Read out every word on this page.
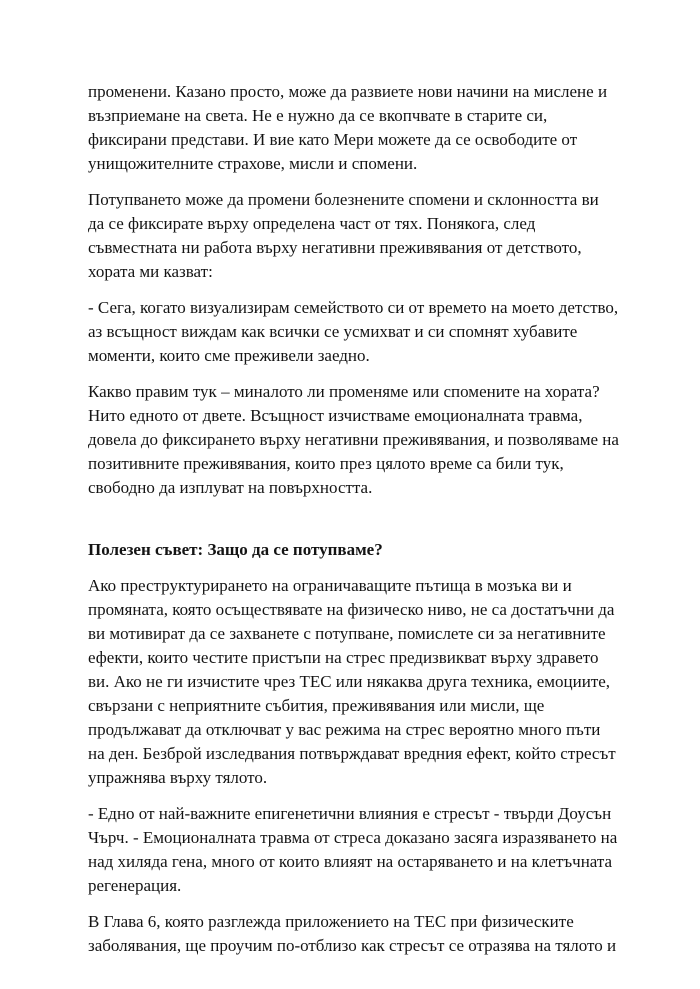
променени. Казано просто, може да развиете нови начини на мислене и
възприемане на света. Не е нужно да се вкопчвате в старите си,
фиксирани представи. И вие като Мери можете да се освободите от
унищожителните страхове, мисли и спомени.

Потупването може да промени болезнените спомени и склонността ви
да се фиксирате върху определена част от тях. Понякога, след
съвместната ни работа върху негативни преживявания от детството,
хората ми казват:

- Сега, когато визуализирам семейството си от времето на моето детство,
аз всъщност виждам как всички се усмихват и си спомнят хубавите
моменти, които сме преживели заедно.

Какво правим тук – миналото ли променяме или спомените на хората?
Нито едното от двете. Всъщност изчистваме емоционалната травма,
довела до фиксирането върху негативни преживявания, и позволяваме на
позитивните преживявания, които през цялото време са били тук,
свободно да изплуват на повърхността.

Полезен съвет: Защо да се потупваме?

Ако преструктурирането на ограничаващите пътища в мозъка ви и
промяната, която осъществявате на физическо ниво, не са достатъчни да
ви мотивират да се захванете с потупване, помислете си за негативните
ефекти, които честите пристъпи на стрес предизвикват върху здравето
ви. Ако не ги изчистите чрез ТЕС или някаква друга техника, емоциите,
свързани с неприятните събития, преживявания или мисли, ще
продължават да отключват у вас режима на стрес вероятно много пъти
на ден. Безброй изследвания потвърждават вредния ефект, който стресът
упражнява върху тялото.

- Едно от най-важните епигенетични влияния е стресът - твърди Доусън
Чърч. - Емоционалната травма от стреса доказано засяга изразяването на
над хиляда гена, много от които влияят на остаряването и на клетъчната
регенерация.

В Глава 6, която разглежда приложението на ТЕС при физическите
заболявания, ще проучим по-отблизо как стресът се отразява на тялото и
